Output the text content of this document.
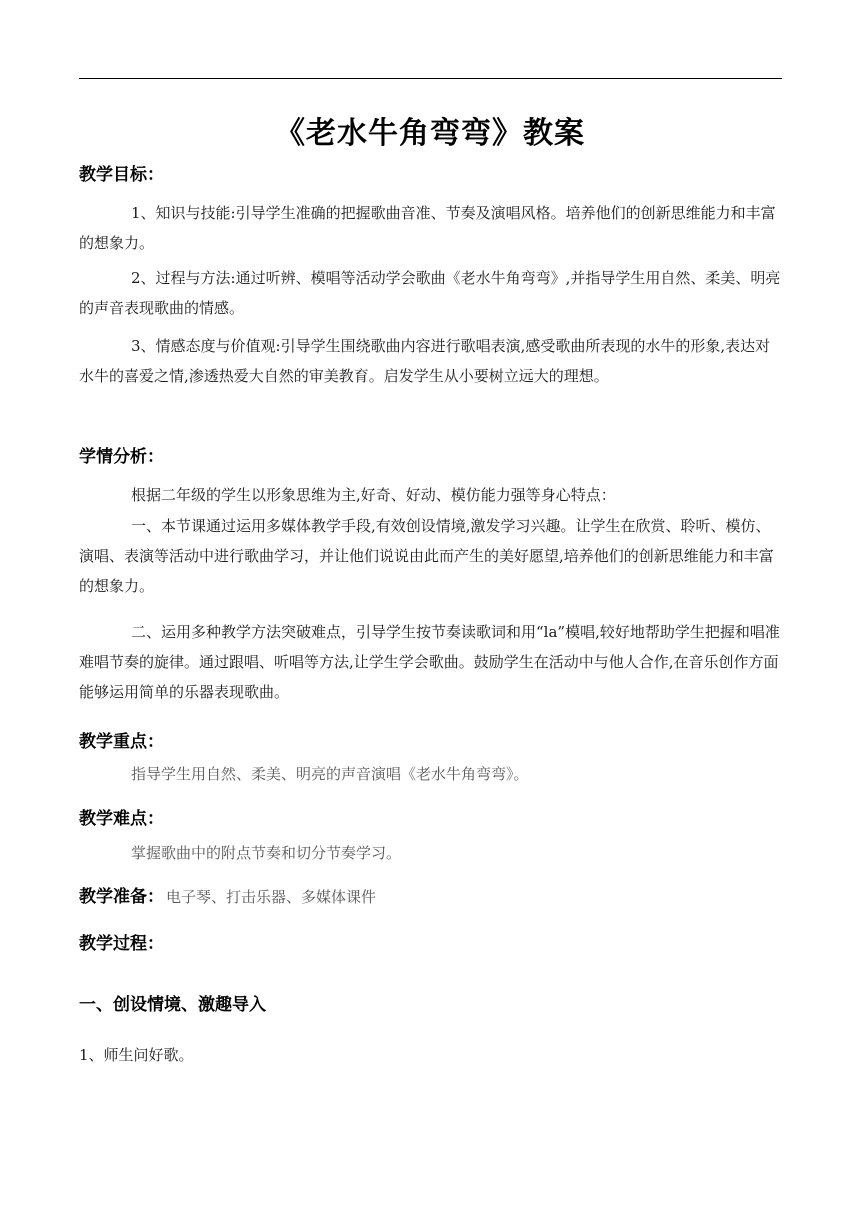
《老水牛角弯弯》教案
教学目标：
1、知识与技能:引导学生准确的把握歌曲音准、节奏及演唱风格。培养他们的创新思维能力和丰富的想象力。
2、过程与方法:通过听辨、模唱等活动学会歌曲《老水牛角弯弯》,并指导学生用自然、柔美、明亮的声音表现歌曲的情感。
3、情感态度与价值观:引导学生围绕歌曲内容进行歌唱表演,感受歌曲所表现的水牛的形象,表达对水牛的喜爱之情,渗透热爱大自然的审美教育。启发学生从小要树立远大的理想。
学情分析：
根据二年级的学生以形象思维为主,好奇、好动、模仿能力强等身心特点：
一、本节课通过运用多媒体教学手段,有效创设情境,激发学习兴趣。让学生在欣赏、聆听、模仿、演唱、表演等活动中进行歌曲学习，并让他们说说由此而产生的美好愿望,培养他们的创新思维能力和丰富的想象力。
二、运用多种教学方法突破难点，引导学生按节奏读歌词和用“la”模唱,较好地帮助学生把握和唱准难唱节奏的旋律。通过跟唱、听唱等方法,让学生学会歌曲。鼓励学生在活动中与他人合作,在音乐创作方面能够运用简单的乐器表现歌曲。
教学重点：
指导学生用自然、柔美、明亮的声音演唱《老水牛角弯弯》。
教学难点：
掌握歌曲中的附点节奏和切分节奏学习。
教学准备： 电子琴、打击乐器、多媒体课件
教学过程：
一、创设情境、激趣导入
1、师生问好歌。
